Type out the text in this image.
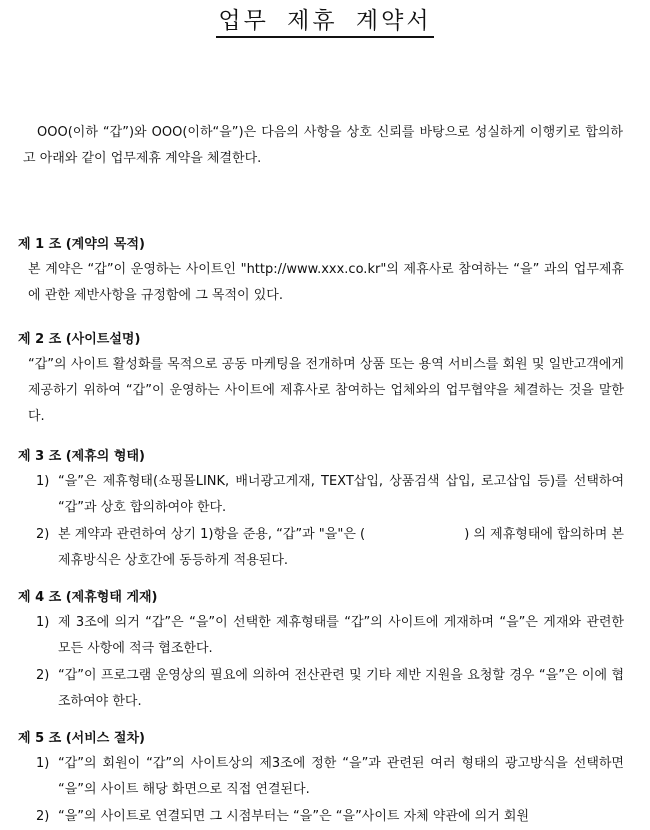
업무 제휴 계약서
OOO(이하 “갑”)와 OOO(이하“을”)은 다음의 사항을 상호 신뢰를 바탕으로 성실하게 이행키로 합의하고 아래와 같이 업무제휴 계약을 체결한다.
제 1 조 (계약의 목적)
본 계약은 “갑”이 운영하는 사이트인 "http://www.xxx.co.kr"의 제휴사로 참여하는 “을” 과의 업무제휴에 관한 제반사항을 규정함에 그 목적이 있다.
제 2 조 (사이트설명)
“갑”의 사이트 활성화를 목적으로 공동 마케팅을 전개하며 상품 또는 용역 서비스를 회원 및 일반고객에게 제공하기 위하여 “갑”이 운영하는 사이트에 제휴사로 참여하는 업체와의 업무협약을 체결하는 것을 말한다.
제 3 조 (제휴의 형태)
1) “을”은 제휴형태(쇼핑몰LINK, 배너광고게재, TEXT삽입, 상품검색 삽입, 로고삽입 등)를 선택하여 “갑”과 상호 합의하여야 한다.
2) 본 계약과 관련하여 상기 1)항을 준용, “갑”과 "을"은 (                        ) 의 제휴형태에 합의하며 본 제휴방식은 상호간에 동등하게 적용된다.
제 4 조 (제휴형태 게재)
1) 제 3조에 의거 “갑”은 “을”이 선택한 제휴형태를 “갑”의 사이트에 게재하며 “을”은 게재와 관련한 모든 사항에 적극 협조한다.
2) “갑”이 프로그램 운영상의 필요에 의하여 전산관련 및 기타 제반 지원을 요청할 경우 “을”은 이에 협조하여야 한다.
제 5 조 (서비스 절차)
1) “갑”의 회원이 “갑”의 사이트상의 제3조에 정한 “을”과 관련된 여러 형태의 광고방식을 선택하면 “을”의 사이트 해당 화면으로 직접 연결된다.
2) “을”의 사이트로 연결되면 그 시점부터는 “을”은 “을”사이트 자체 약관에 의거 회원
